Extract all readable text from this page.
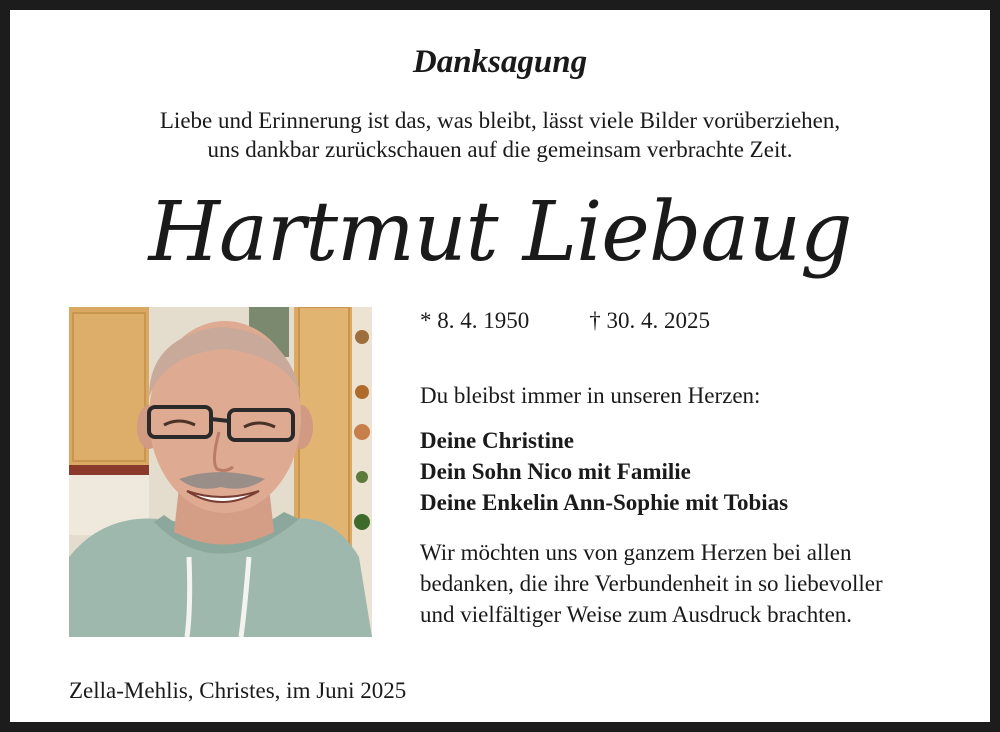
Danksagung
Liebe und Erinnerung ist das, was bleibt, lässt viele Bilder vorüberziehen,
uns dankbar zurückschauen auf die gemeinsam verbrachte Zeit.
Hartmut Liebaug
* 8. 4. 1950	† 30. 4. 2025
Du bleibst immer in unseren Herzen:
Deine Christine
Dein Sohn Nico mit Familie
Deine Enkelin Ann-Sophie mit Tobias
Wir möchten uns von ganzem Herzen bei allen
bedanken, die ihre Verbundenheit in so liebevoller
und vielfältiger Weise zum Ausdruck brachten.
Zella-Mehlis, Christes, im Juni 2025
